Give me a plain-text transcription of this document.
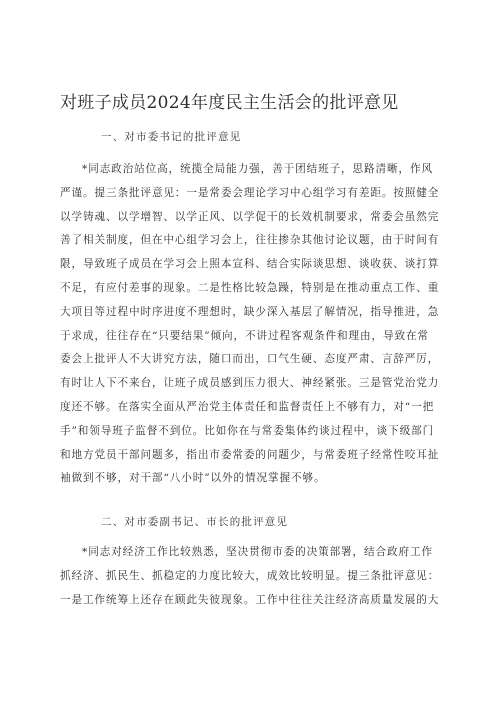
对班子成员2024年度民主生活会的批评意见
一、对市委书记的批评意见
*同志政治站位高，统揽全局能力强，善于团结班子，思路清晰，作风
严谨。提三条批评意见：一是常委会理论学习中心组学习有差距。按照健全
以学铸魂、以学增智、以学正风、以学促干的长效机制要求，常委会虽然完
善了相关制度，但在中心组学习会上，往往掺杂其他讨论议题，由于时间有
限，导致班子成员在学习会上照本宣科、结合实际谈思想、谈收获、谈打算
不足，有应付差事的现象。二是性格比较急躁，特别是在推动重点工作、重
大项目等过程中时序进度不理想时，缺少深入基层了解情况，指导推进，急
于求成，往往存在“只要结果”倾向，不讲过程客观条件和理由，导致在常
委会上批评人不大讲究方法，随口而出，口气生硬、态度严肃、言辞严厉，
有时让人下不来台，让班子成员感到压力很大、神经紧张。三是管党治党力
度还不够。在落实全面从严治党主体责任和监督责任上不够有力，对“一把
手”和领导班子监督不到位。比如你在与常委集体约谈过程中，谈下级部门
和地方党员干部问题多，指出市委常委的问题少，与常委班子经常性咬耳扯
袖做到不够，对干部“八小时”以外的情况掌握不够。
二、对市委副书记、市长的批评意见
*同志对经济工作比较熟悉，坚决贯彻市委的决策部署，结合政府工作
抓经济、抓民生、抓稳定的力度比较大，成效比较明显。提三条批评意见：
一是工作统筹上还存在顾此失彼现象。工作中往往关注经济高质量发展的大
